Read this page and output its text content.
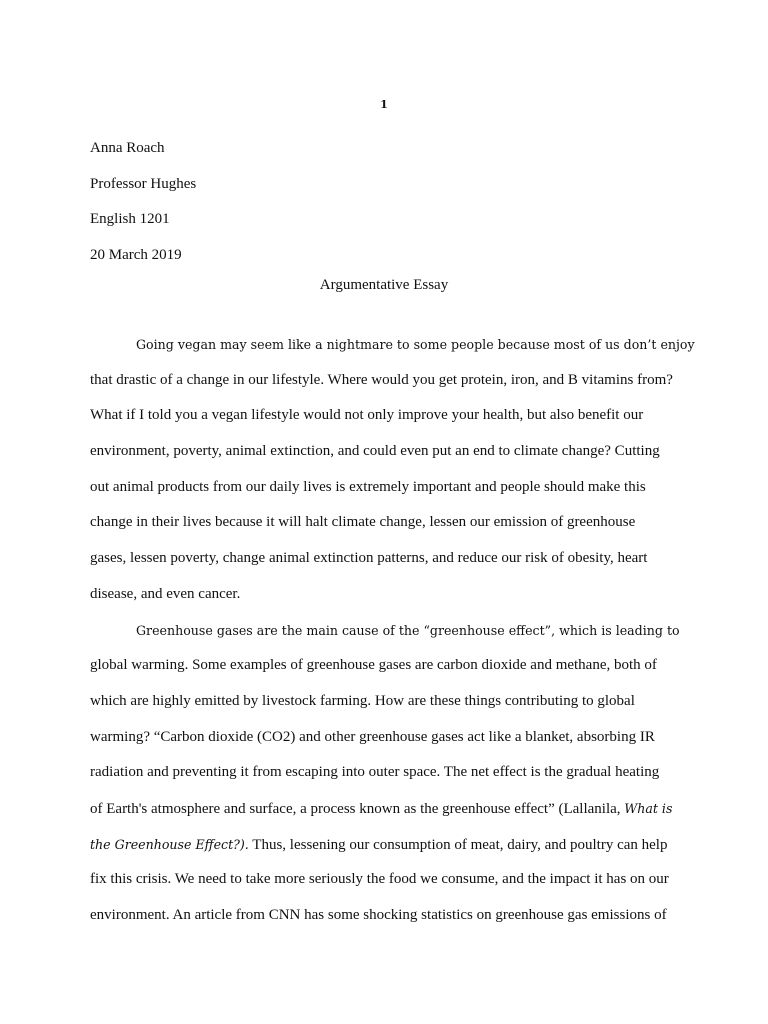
1
Anna Roach
Professor Hughes
English 1201
20 March 2019
Argumentative Essay
Going vegan may seem like a nightmare to some people because most of us don’t enjoy
that drastic of a change in our lifestyle. Where would you get protein, iron, and B vitamins from?
What if I told you a vegan lifestyle would not only improve your health, but also benefit our
environment, poverty, animal extinction, and could even put an end to climate change? Cutting
out animal products from our daily lives is extremely important and people should make this
change in their lives because it will halt climate change, lessen our emission of greenhouse
gases, lessen poverty, change animal extinction patterns, and reduce our risk of obesity, heart
disease, and even cancer.
Greenhouse gases are the main cause of the “greenhouse effect”, which is leading to
global warming. Some examples of greenhouse gases are carbon dioxide and methane, both of
which are highly emitted by livestock farming. How are these things contributing to global
warming? “Carbon dioxide (CO2) and other greenhouse gases act like a blanket, absorbing IR
radiation and preventing it from escaping into outer space. The net effect is the gradual heating
of Earth's atmosphere and surface, a process known as the greenhouse effect” (Lallanila, What is
the Greenhouse Effect?). Thus, lessening our consumption of meat, dairy, and poultry can help
fix this crisis. We need to take more seriously the food we consume, and the impact it has on our
environment. An article from CNN has some shocking statistics on greenhouse gas emissions of
